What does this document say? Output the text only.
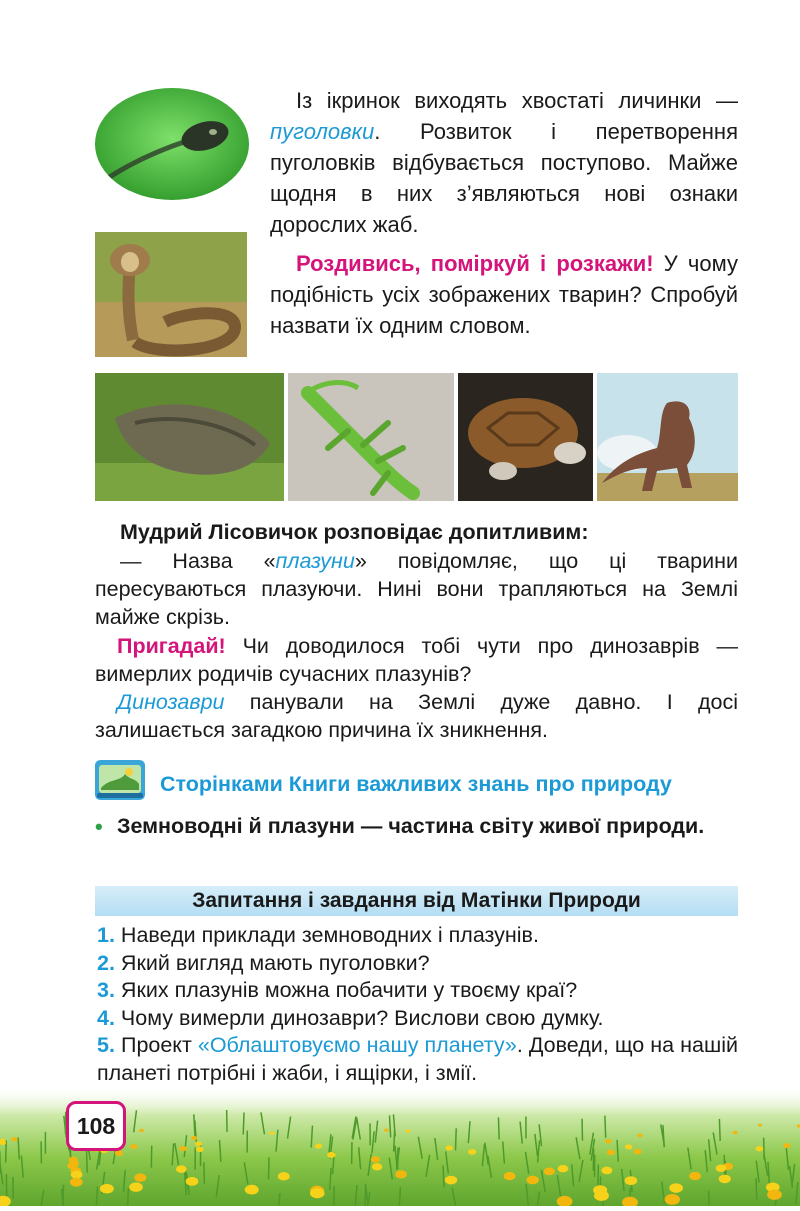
Із ікринок виходять хвостаті личинки — пуголовки. Розвиток і перетворення пуголовків відбувається поступово. Майже щодня в них з’являються нові ознаки дорослих жаб.

Роздивись, поміркуй і розкажи! У чому подібність усіх зображених тварин? Спробуй назвати їх одним словом.

Мудрий Лісовичок розповідає допитливим:

— Назва «плазуни» повідомляє, що ці тварини пересуваються плазуючи. Нині вони трапляються на Землі майже скрізь.

Пригадай! Чи доводилося тобі чути про динозаврів — вимерлих родичів сучасних плазунів?

Динозаври панували на Землі дуже давно. І досі залишається загадкою причина їх зникнення.

Сторінками Книги важливих знань про природу
• Земноводні й плазуни — частина світу живої природи.

Запитання і завдання від Матінки Природи
1. Наведи приклади земноводних і плазунів.
2. Який вигляд мають пуголовки?
3. Яких плазунів можна побачити у твоєму краї?
4. Чому вимерли динозаври? Вислови свою думку.
5. Проект «Облаштовуємо нашу планету». Доведи, що на нашій планеті потрібні і жаби, і ящірки, і змії.
108
